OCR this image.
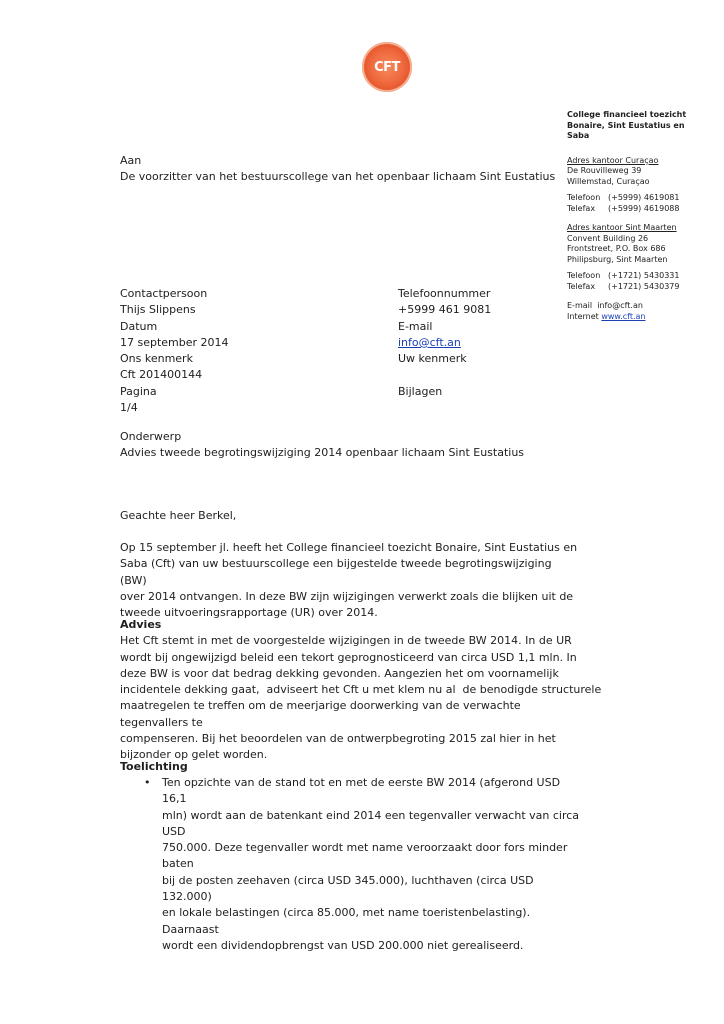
CFT
College financieel toezicht
Bonaire, Sint Eustatius en
Saba
Adres kantoor Curaçao
De Rouvilleweg 39
Willemstad, Curaçao
Telefoon (+5999) 4619081
Telefax	(+5999) 4619088
Adres kantoor Sint Maarten
Convent Building 26
Frontstreet, P.O. Box 686
Philipsburg, Sint Maarten
Telefoon (+1721) 5430331
Telefax	(+1721) 5430379
E-mail info@cft.an
Internet www.cft.an
Aan
De voorzitter van het bestuurscollege van het openbaar lichaam Sint Eustatius
Contactpersoon
Thijs Slippens
Datum
17 september 2014
Ons kenmerk
Cft 201400144
Pagina
1/4
Telefoonnummer
+5999 461 9081
E-mail
info@cft.an
Uw kenmerk

Bijlagen
Onderwerp
Advies tweede begrotingswijziging 2014 openbaar lichaam Sint Eustatius
Geachte heer Berkel,
Op 15 september jl. heeft het College financieel toezicht Bonaire, Sint Eustatius en
Saba (Cft) van uw bestuurscollege een bijgestelde tweede begrotingswijziging (BW)
over 2014 ontvangen. In deze BW zijn wijzigingen verwerkt zoals die blijken uit de
tweede uitvoeringsrapportage (UR) over 2014.
Advies
Het Cft stemt in met de voorgestelde wijzigingen in de tweede BW 2014. In de UR
wordt bij ongewijzigd beleid een tekort geprognosticeerd van circa USD 1,1 mln. In
deze BW is voor dat bedrag dekking gevonden. Aangezien het om voornamelijk
incidentele dekking gaat,  adviseert het Cft u met klem nu al  de benodigde structurele
maatregelen te treffen om de meerjarige doorwerking van de verwachte tegenvallers te
compenseren. Bij het beoordelen van de ontwerpbegroting 2015 zal hier in het
bijzonder op gelet worden.
Toelichting
•	Ten opzichte van de stand tot en met de eerste BW 2014 (afgerond USD 16,1
mln) wordt aan de batenkant eind 2014 een tegenvaller verwacht van circa USD
750.000. Deze tegenvaller wordt met name veroorzaakt door fors minder baten
bij de posten zeehaven (circa USD 345.000), luchthaven (circa USD 132.000)
en lokale belastingen (circa 85.000, met name toeristenbelasting). Daarnaast
wordt een dividendopbrengst van USD 200.000 niet gerealiseerd.
